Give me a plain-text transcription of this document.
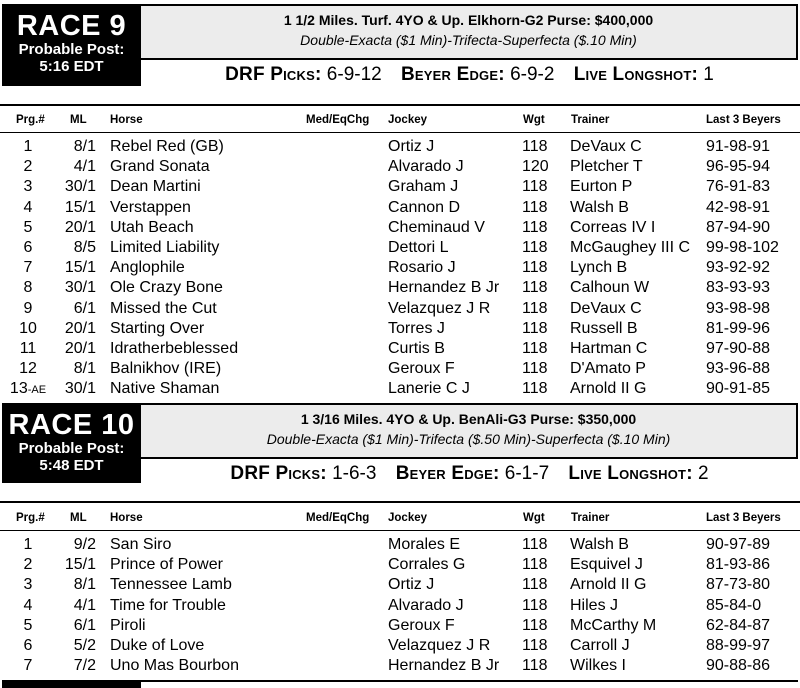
RACE 9
Probable Post:
5:16 EDT
1 1/2 Miles. Turf. 4YO & Up. Elkhorn-G2 Purse: $400,000
Double-Exacta ($1 Min)-Trifecta-Superfecta ($.10 Min)
DRF Picks: 6-9-12 Beyer Edge: 6-9-2 Live Longshot: 1
Prg.# ML Horse	Med/EqChg Jockey	Wgt Trainer	Last 3 Beyers
1	8/1 Rebel Red (GB)	Ortiz J	118 DeVaux C	91-98-91
2	4/1 Grand Sonata	Alvarado J	120 Pletcher T	96-95-94
3	30/1 Dean Martini	Graham J	118 Eurton P	76-91-83
4	15/1 Verstappen	Cannon D	118 Walsh B	42-98-91
5	20/1 Utah Beach	Cheminaud V 118 Correas IV I	87-94-90
6	8/5 Limited Liability	Dettori L	118 McGaughey III C 99-98-102
7	15/1 Anglophile	Rosario J	118 Lynch B	93-92-92
8	30/1 Ole Crazy Bone	Hernandez B Jr 118 Calhoun W	83-93-93
9	6/1 Missed the Cut	Velazquez J R 118 DeVaux C	93-98-98
10	20/1 Starting Over	Torres J	118 Russell B	81-99-96
11	20/1 Idratherbeblessed	Curtis B	118 Hartman C	97-90-88
12	8/1 Balnikhov (IRE)	Geroux F	118 D'Amato P	93-96-88
13-AE	30/1 Native Shaman	Lanerie C J	118 Arnold II G	90-91-85
RACE 10
Probable Post:
5:48 EDT
1 3/16 Miles. 4YO & Up. BenAli-G3 Purse: $350,000
Double-Exacta ($1 Min)-Trifecta ($.50 Min)-Superfecta ($.10 Min)
DRF Picks: 1-6-3 Beyer Edge: 6-1-7 Live Longshot: 2
Prg.# ML Horse	Med/EqChg Jockey	Wgt Trainer	Last 3 Beyers
1	9/2 San Siro	Morales E	118 Walsh B	90-97-89
2	15/1 Prince of Power	Corrales G	118 Esquivel J	81-93-86
3	8/1 Tennessee Lamb	Ortiz J	118 Arnold II G	87-73-80
4	4/1 Time for Trouble	Alvarado J	118 Hiles J	85-84-0
5	6/1 Piroli	Geroux F	118 McCarthy M	62-84-87
6	5/2 Duke of Love	Velazquez J R 118 Carroll J	88-99-97
7	7/2 Uno Mas Bourbon	Hernandez B Jr 118 Wilkes I	90-88-86
